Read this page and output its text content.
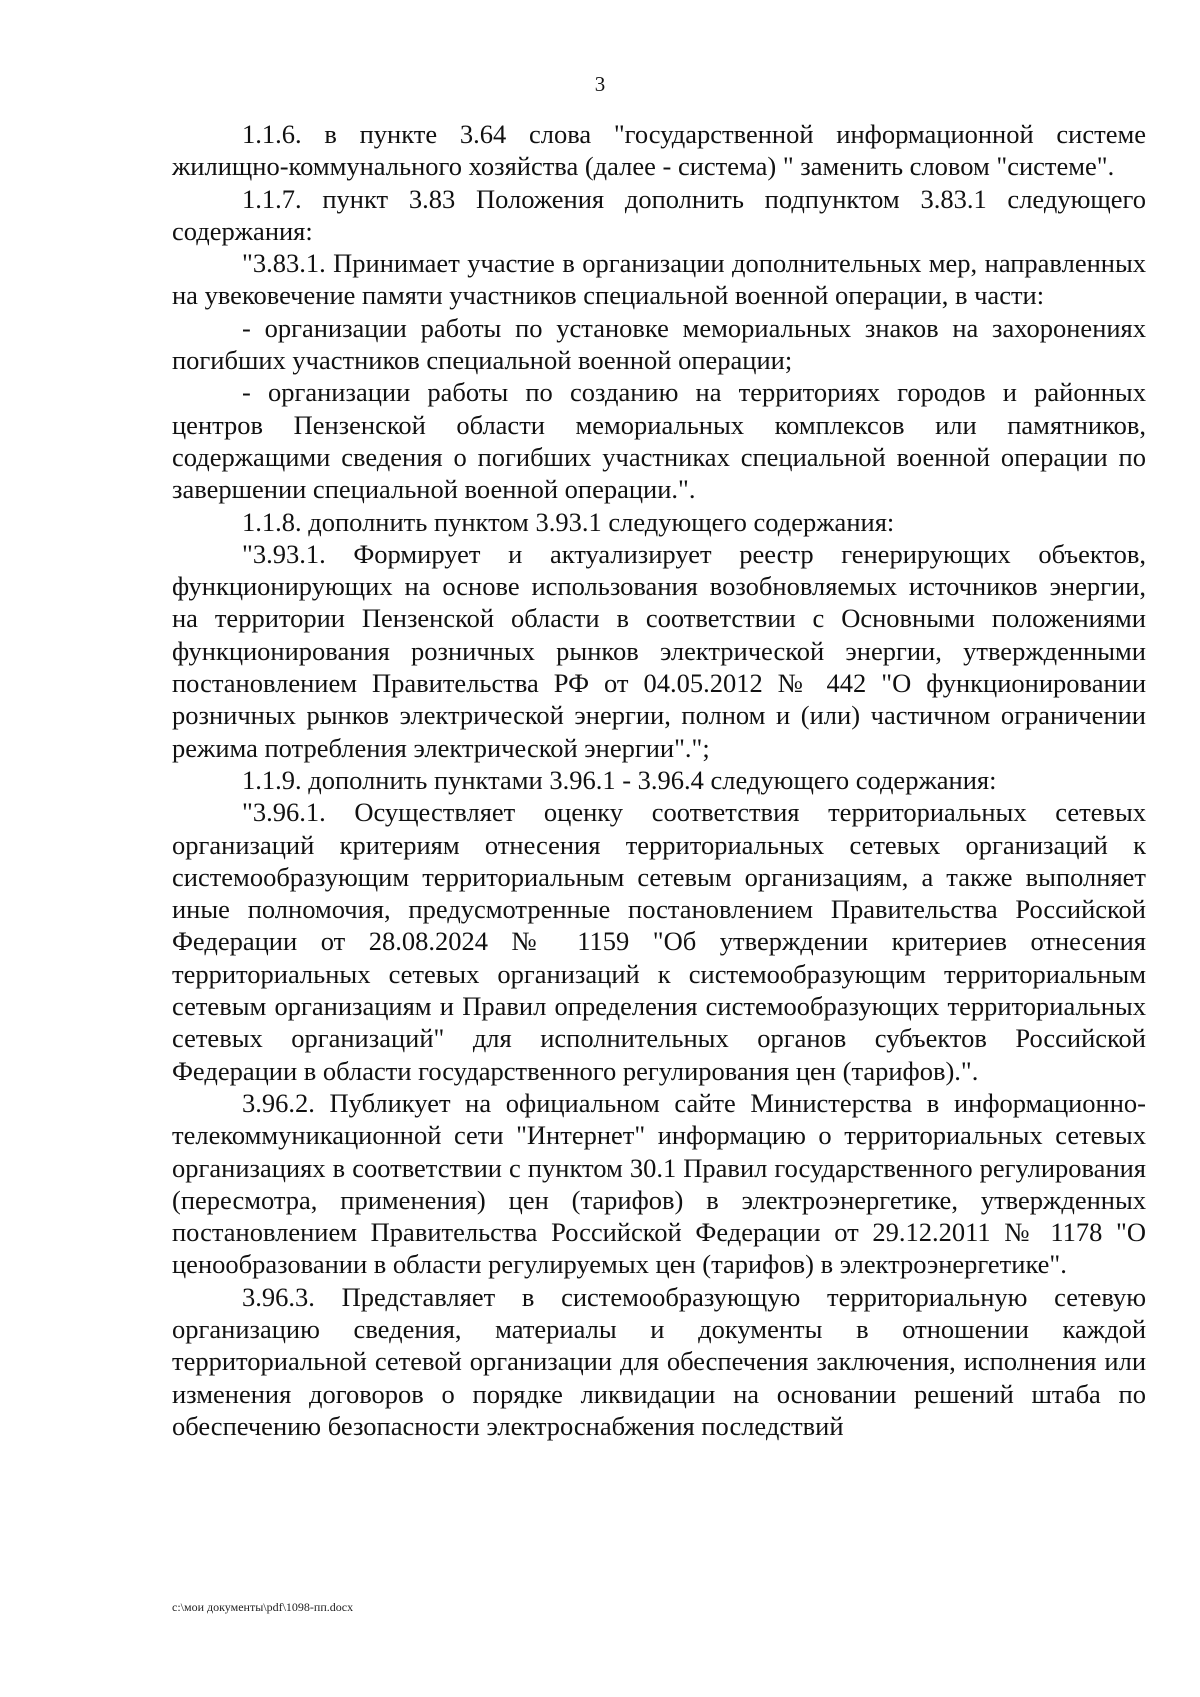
3

1.1.6. в пункте 3.64 слова "государственной информационной системе жилищно-коммунального хозяйства (далее - система) " заменить словом "системе".

1.1.7. пункт 3.83 Положения дополнить подпунктом 3.83.1 следующего содержания:

"3.83.1. Принимает участие в организации дополнительных мер, направленных на увековечение памяти участников специальной военной операции, в части:

- организации работы по установке мемориальных знаков на захоронениях погибших участников специальной военной операции;

- организации работы по созданию на территориях городов и районных центров Пензенской области мемориальных комплексов или памятников, содержащими сведения о погибших участниках специальной военной операции по завершении специальной военной операции.".

1.1.8. дополнить пунктом 3.93.1 следующего содержания:

"3.93.1. Формирует и актуализирует реестр генерирующих объектов, функционирующих на основе использования возобновляемых источников энергии, на территории Пензенской области в соответствии с Основными положениями функционирования розничных рынков электрической энергии, утвержденными постановлением Правительства РФ от 04.05.2012 № 442 "О функционировании розничных рынков электрической энергии, полном и (или) частичном ограничении режима потребления электрической энергии".";

1.1.9. дополнить пунктами 3.96.1 - 3.96.4 следующего содержания:

"3.96.1. Осуществляет оценку соответствия территориальных сетевых организаций критериям отнесения территориальных сетевых организаций к системообразующим территориальным сетевым организациям, а также выполняет иные полномочия, предусмотренные постановлением Правительства Российской Федерации от 28.08.2024 № 1159 "Об утверждении критериев отнесения территориальных сетевых организаций к системообразующим территориальным сетевым организациям и Правил определения системообразующих территориальных сетевых организаций" для исполнительных органов субъектов Российской Федерации в области государственного регулирования цен (тарифов).".

3.96.2. Публикует на официальном сайте Министерства в информационно-телекоммуникационной сети "Интернет" информацию о территориальных сетевых организациях в соответствии с пунктом 30.1 Правил государственного регулирования (пересмотра, применения) цен (тарифов) в электроэнергетике, утвержденных постановлением Правительства Российской Федерации от 29.12.2011 № 1178 "О ценообразовании в области регулируемых цен (тарифов) в электроэнергетике".

3.96.3. Представляет в системообразующую территориальную сетевую организацию сведения, материалы и документы в отношении каждой территориальной сетевой организации для обеспечения заключения, исполнения или изменения договоров о порядке ликвидации на основании решений штаба по обеспечению безопасности электроснабжения последствий

c:\мои документы\pdf\1098-пп.docx
